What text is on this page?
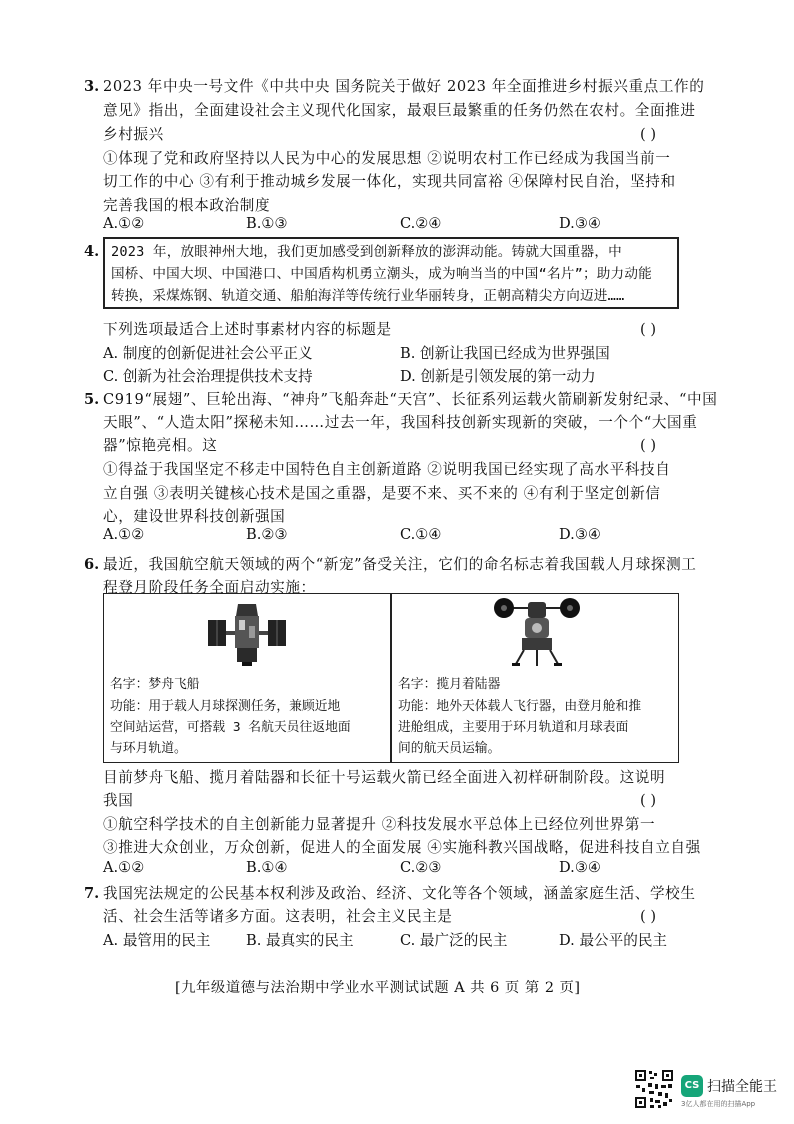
3. 2023 年中央一号文件《中共中央 国务院关于做好 2023 年全面推进乡村振兴重点工作的
意见》指出，全面建设社会主义现代化国家，最艰巨最繁重的任务仍然在农村。全面推进
乡村振兴	( )
①体现了党和政府坚持以人民为中心的发展思想 ②说明农村工作已经成为我国当前一
切工作的中心 ③有利于推动城乡发展一体化，实现共同富裕 ④保障村民自治，坚持和
完善我国的根本政治制度
A.①②	B.①③	C.②④	D.③④
4. 2023 年，放眼神州大地，我们更加感受到创新释放的澎湃动能。铸就大国重器，中
国桥、中国大坝、中国港口、中国盾构机勇立潮头，成为响当当的中国“名片”；助力动能
转换，采煤炼钢、轨道交通、船舶海洋等传统行业华丽转身，正朝高精尖方向迈进……
下列选项最适合上述时事素材内容的标题是	( )
A. 制度的创新促进社会公平正义	B. 创新让我国已经成为世界强国
C. 创新为社会治理提供技术支持	D. 创新是引领发展的第一动力
5. C919“展翅”、巨轮出海、“神舟”飞船奔赴“天宫”、长征系列运载火箭刷新发射纪录、“中国
天眼”、“人造太阳”探秘未知……过去一年，我国科技创新实现新的突破，一个个“大国重
器”惊艳亮相。这	( )
①得益于我国坚定不移走中国特色自主创新道路 ②说明我国已经实现了高水平科技自
立自强 ③表明关键核心技术是国之重器，是要不来、买不来的 ④有利于坚定创新信
心，建设世界科技创新强国
A.①②	B.②③	C.①④	D.③④
6. 最近，我国航空航天领域的两个“新宠”备受关注，它们的命名标志着我国载人月球探测工
程登月阶段任务全面启动实施：
名字：梦舟飞船
功能：用于载人月球探测任务，兼顾近地
空间站运营，可搭载 3 名航天员往返地面
与环月轨道。
名字：揽月着陆器
功能：地外天体载人飞行器，由登月舱和推
进舱组成，主要用于环月轨道和月球表面
间的航天员运输。
目前梦舟飞船、揽月着陆器和长征十号运载火箭已经全面进入初样研制阶段。这说明
我国	( )
①航空科学技术的自主创新能力显著提升 ②科技发展水平总体上已经位列世界第一
③推进大众创业，万众创新，促进人的全面发展 ④实施科教兴国战略，促进科技自立自强
A.①②	B.①④	C.②③	D.③④
7. 我国宪法规定的公民基本权利涉及政治、经济、文化等各个领域，涵盖家庭生活、学校生
活、社会生活等诸多方面。这表明，社会主义民主是	( )
A. 最管用的民主 B. 最真实的民主	C. 最广泛的民主	D. 最公平的民主
[九年级道德与法治期中学业水平测试试题 A 共 6 页 第 2 页]
CS 扫描全能王
3亿人都在用的扫描App
